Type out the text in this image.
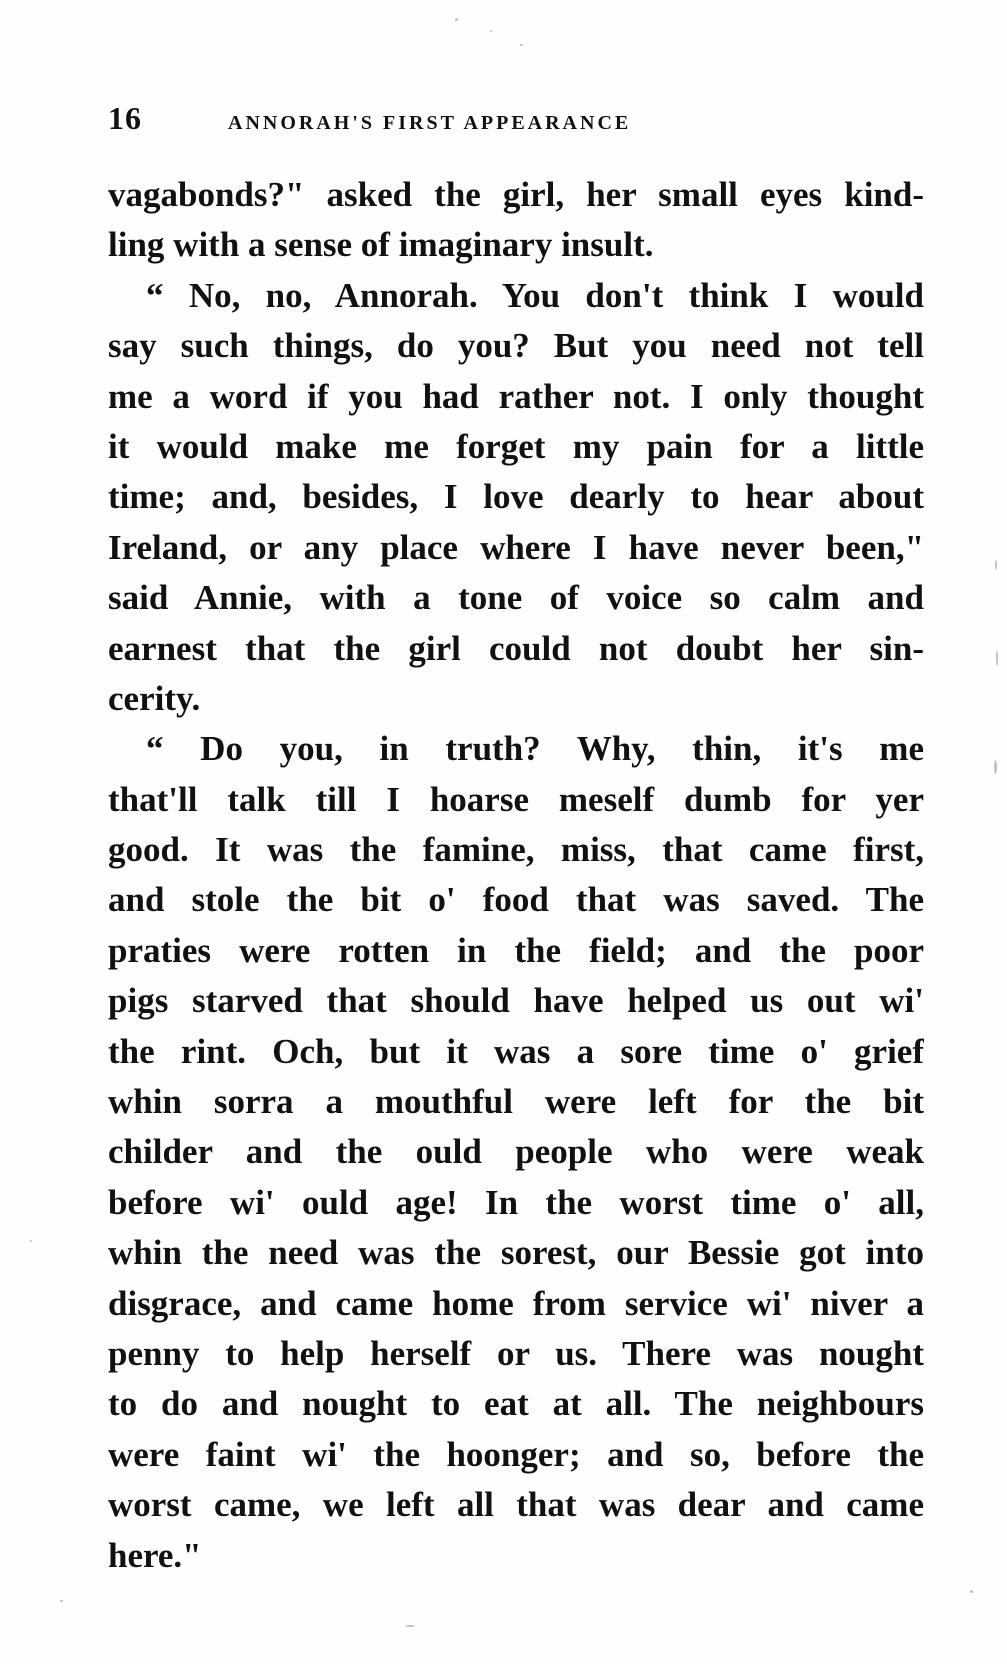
16	ANNORAH'S FIRST APPEARANCE
vagabonds?" asked the girl, her small eyes kind-
ling with a sense of imaginary insult.
“ No, no, Annorah. You don't think I would
say such things, do you? But you need not tell
me a word if you had rather not. I only thought
it would make me forget my pain for a little
time; and, besides, I love dearly to hear about
Ireland, or any place where I have never been,"
said Annie, with a tone of voice so calm and
earnest that the girl could not doubt her sin-
cerity.
“ Do you, in truth? Why, thin, it's me
that'll talk till I hoarse meself dumb for yer
good. It was the famine, miss, that came first,
and stole the bit o' food that was saved. The
praties were rotten in the field; and the poor
pigs starved that should have helped us out wi'
the rint. Och, but it was a sore time o' grief
whin sorra a mouthful were left for the bit
childer and the ould people who were weak
before wi' ould age! In the worst time o' all,
whin the need was the sorest, our Bessie got into
disgrace, and came home from service wi' niver a
penny to help herself or us. There was nought
to do and nought to eat at all. The neighbours
were faint wi' the hoonger; and so, before the
worst came, we left all that was dear and came
here."
